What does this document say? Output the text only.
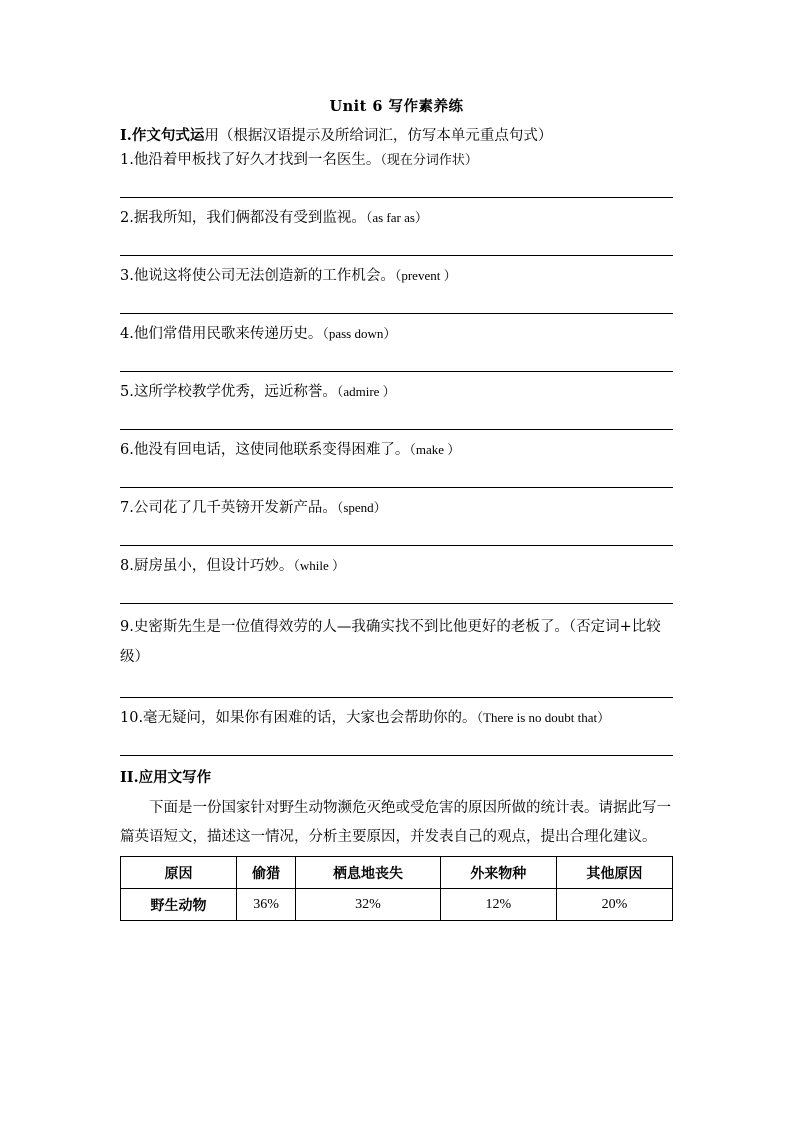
Unit 6 写作素养练
I.作文句式运用（根据汉语提示及所给词汇，仿写本单元重点句式）
1.他沿着甲板找了好久才找到一名医生。（现在分词作状）
2.据我所知，我们俩都没有受到监视。（as far as）
3.他说这将使公司无法创造新的工作机会。（prevent ）
4.他们常借用民歌来传递历史。（pass down）
5.这所学校教学优秀，远近称誉。（admire ）
6.他没有回电话，这使同他联系变得困难了。（make ）
7.公司花了几千英镑开发新产品。（spend）
8.厨房虽小，但设计巧妙。（while ）
9.史密斯先生是一位值得效劳的人—我确实找不到比他更好的老板了。（否定词+比较级）
10.毫无疑问，如果你有困难的话，大家也会帮助你的。（There is no doubt that）
II.应用文写作
下面是一份国家针对野生动物濒危灭绝或受危害的原因所做的统计表。请据此写一篇英语短文，描述这一情况，分析主要原因，并发表自己的观点，提出合理化建议。
原因	偷猎	栖息地丧失	外来物种	其他原因
野生动物	36%	32%	12%	20%
